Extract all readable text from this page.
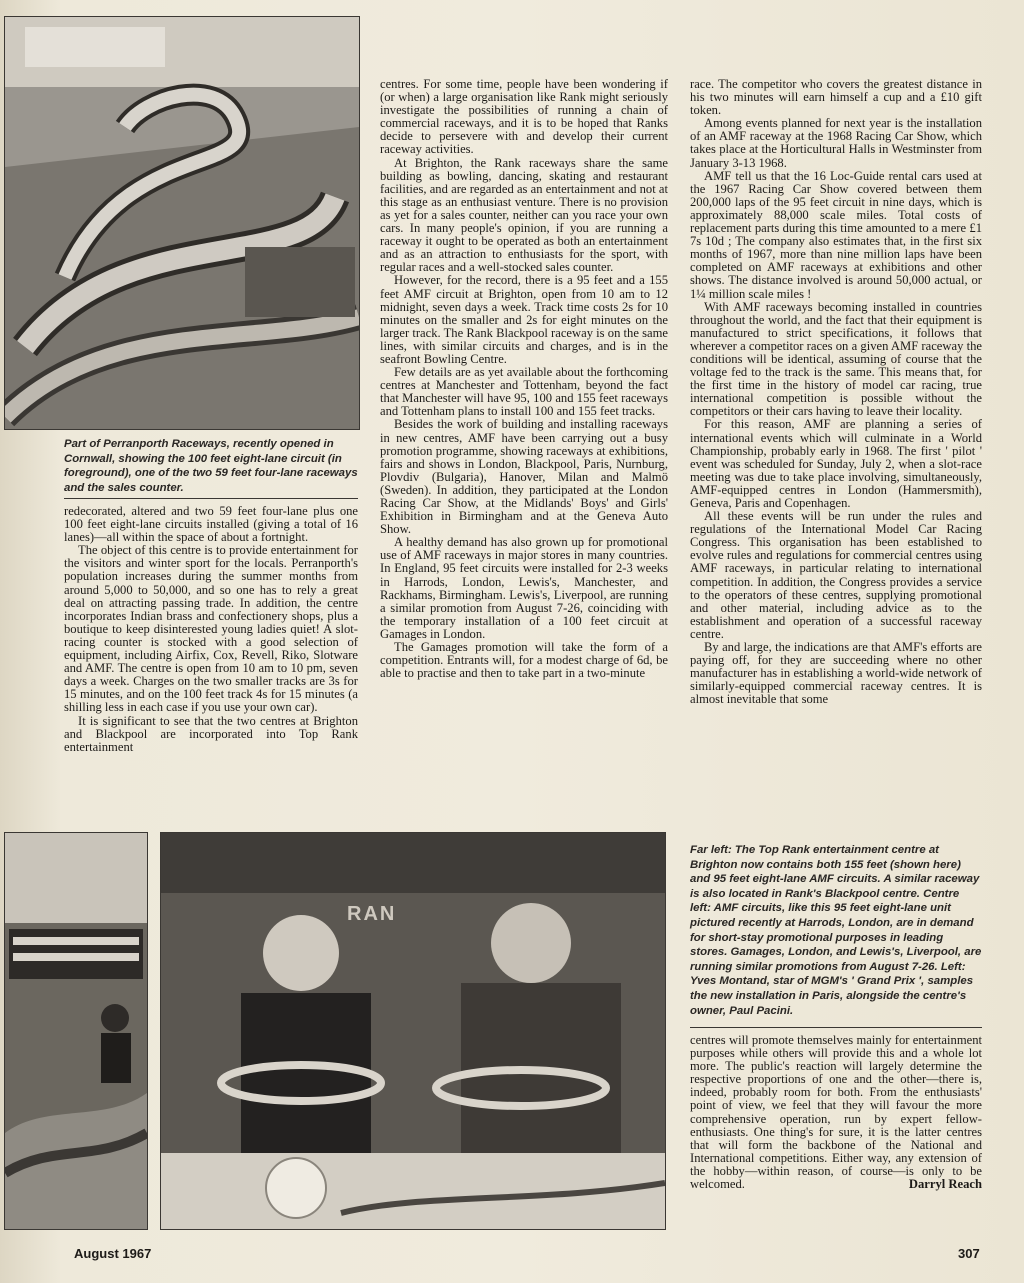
Part of Perranporth Raceways, recently opened in Cornwall, showing the 100 feet eight-lane circuit (in foreground), one of the two 59 feet four-lane raceways and the sales counter.

redecorated, altered and two 59 feet four-lane plus one 100 feet eight-lane circuits installed (giving a total of 16 lanes)—all within the space of about a fortnight.

The object of this centre is to provide entertainment for the visitors and winter sport for the locals. Perranporth's population increases during the summer months from around 5,000 to 50,000, and so one has to rely a great deal on attracting passing trade. In addition, the centre incorporates Indian brass and confectionery shops, plus a boutique to keep disinterested young ladies quiet! A slot-racing counter is stocked with a good selection of equipment, including Airfix, Cox, Revell, Riko, Slotware and AMF. The centre is open from 10 am to 10 pm, seven days a week. Charges on the two smaller tracks are 3s for 15 minutes, and on the 100 feet track 4s for 15 minutes (a shilling less in each case if you use your own car).

It is significant to see that the two centres at Brighton and Blackpool are incorporated into Top Rank entertainment

centres. For some time, people have been wondering if (or when) a large organisation like Rank might seriously investigate the possibilities of running a chain of commercial raceways, and it is to be hoped that Ranks decide to persevere with and develop their current raceway activities.

At Brighton, the Rank raceways share the same building as bowling, dancing, skating and restaurant facilities, and are regarded as an entertainment and not at this stage as an enthusiast venture. There is no provision as yet for a sales counter, neither can you race your own cars. In many people's opinion, if you are running a raceway it ought to be operated as both an entertainment and as an attraction to enthusiasts for the sport, with regular races and a well-stocked sales counter.

However, for the record, there is a 95 feet and a 155 feet AMF circuit at Brighton, open from 10 am to 12 midnight, seven days a week. Track time costs 2s for 10 minutes on the smaller and 2s for eight minutes on the larger track. The Rank Blackpool raceway is on the same lines, with similar circuits and charges, and is in the seafront Bowling Centre.

Few details are as yet available about the forthcoming centres at Manchester and Tottenham, beyond the fact that Manchester will have 95, 100 and 155 feet raceways and Tottenham plans to install 100 and 155 feet tracks.

Besides the work of building and installing raceways in new centres, AMF have been carrying out a busy promotion programme, showing raceways at exhibitions, fairs and shows in London, Blackpool, Paris, Nurnburg, Plovdiv (Bulgaria), Hanover, Milan and Malmö (Sweden). In addition, they participated at the London Racing Car Show, at the Midlands' Boys' and Girls' Exhibition in Birmingham and at the Geneva Auto Show.

A healthy demand has also grown up for promotional use of AMF raceways in major stores in many countries. In England, 95 feet circuits were installed for 2-3 weeks in Harrods, London, Lewis's, Manchester, and Rackhams, Birmingham. Lewis's, Liverpool, are running a similar promotion from August 7-26, coinciding with the temporary installation of a 100 feet circuit at Gamages in London.

The Gamages promotion will take the form of a competition. Entrants will, for a modest charge of 6d, be able to practise and then to take part in a two-minute

race. The competitor who covers the greatest distance in his two minutes will earn himself a cup and a £10 gift token.

Among events planned for next year is the installation of an AMF raceway at the 1968 Racing Car Show, which takes place at the Horticultural Halls in Westminster from January 3-13 1968.

AMF tell us that the 16 Loc-Guide rental cars used at the 1967 Racing Car Show covered between them 200,000 laps of the 95 feet circuit in nine days, which is approximately 88,000 scale miles. Total costs of replacement parts during this time amounted to a mere £1 7s 10d ; The company also estimates that, in the first six months of 1967, more than nine million laps have been completed on AMF raceways at exhibitions and other shows. The distance involved is around 50,000 actual, or 1¼ million scale miles !

With AMF raceways becoming installed in countries throughout the world, and the fact that their equipment is manufactured to strict specifications, it follows that wherever a competitor races on a given AMF raceway the conditions will be identical, assuming of course that the voltage fed to the track is the same. This means that, for the first time in the history of model car racing, true international competition is possible without the competitors or their cars having to leave their locality.

For this reason, AMF are planning a series of international events which will culminate in a World Championship, probably early in 1968. The first ' pilot ' event was scheduled for Sunday, July 2, when a slot-race meeting was due to take place involving, simultaneously, AMF-equipped centres in London (Hammersmith), Geneva, Paris and Copenhagen.

All these events will be run under the rules and regulations of the International Model Car Racing Congress. This organisation has been established to evolve rules and regulations for commercial centres using AMF raceways, in particular relating to international competition. In addition, the Congress provides a service to the operators of these centres, supplying promotional and other material, including advice as to the establishment and operation of a successful raceway centre.

By and large, the indications are that AMF's efforts are paying off, for they are succeeding where no other manufacturer has in establishing a world-wide network of similarly-equipped commercial raceway centres. It is almost inevitable that some

RAN
Far left: The Top Rank entertainment centre at Brighton now contains both 155 feet (shown here) and 95 feet eight-lane AMF circuits. A similar raceway is also located in Rank's Blackpool centre. Centre left: AMF circuits, like this 95 feet eight-lane unit pictured recently at Harrods, London, are in demand for short-stay promotional purposes in leading stores. Gamages, London, and Lewis's, Liverpool, are running similar promotions from August 7-26. Left: Yves Montand, star of MGM's ' Grand Prix ', samples the new installation in Paris, alongside the centre's owner, Paul Pacini.

centres will promote themselves mainly for entertainment purposes while others will provide this and a whole lot more. The public's reaction will largely determine the respective proportions of one and the other—there is, indeed, probably room for both. From the enthusiasts' point of view, we feel that they will favour the more comprehensive operation, run by expert fellow-enthusiasts. One thing's for sure, it is the latter centres that will form the backbone of the National and International competitions. Either way, any extension of the hobby—within reason, of course—is only to be welcomed.	Darryl Reach

August 1967	307
